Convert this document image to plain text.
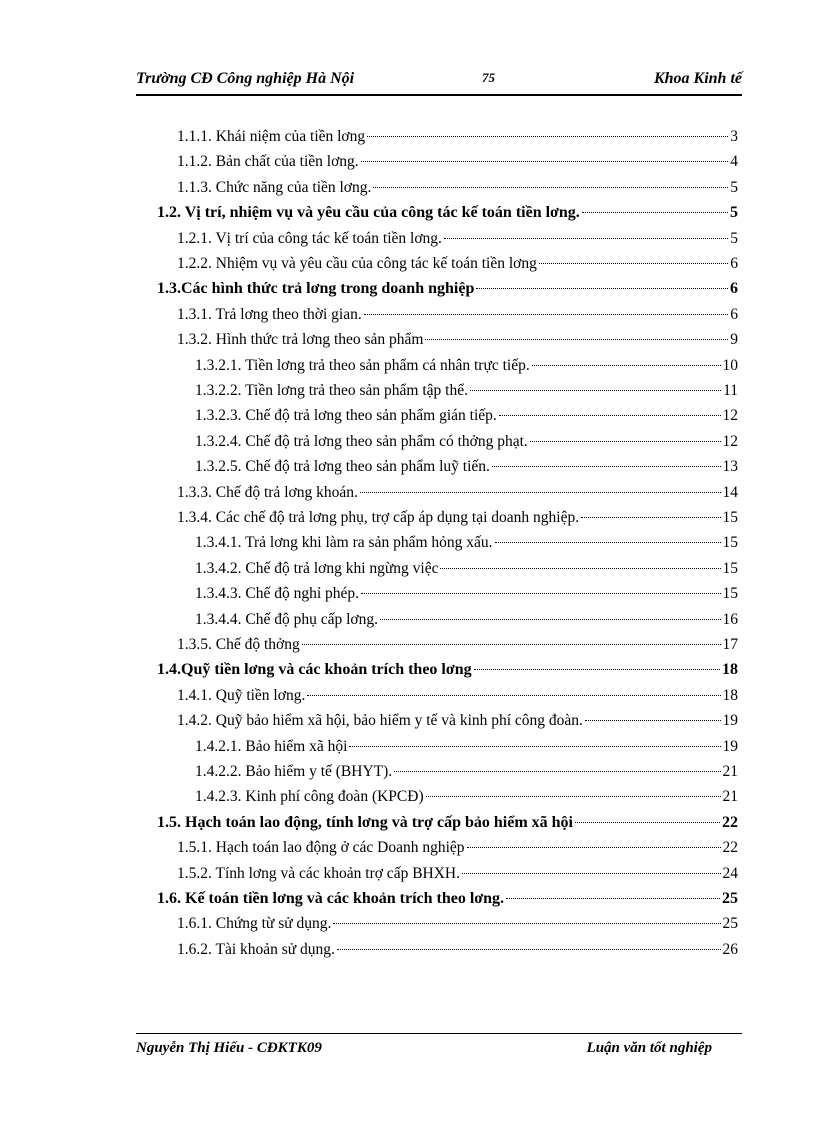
Trường CĐ Công nghiệp Hà Nội	75	Khoa Kinh tế
1.1.1. Khái niệm của tiền lơng	3
1.1.2. Bản chất của tiền lơng.	4
1.1.3. Chức năng của tiền lơng.	5
1.2. Vị trí, nhiệm vụ và yêu cầu của công tác kế toán tiền lơng.	5
1.2.1. Vị trí của công tác kế toán tiền lơng.	5
1.2.2. Nhiệm vụ và yêu cầu của công tác kế toán tiền lơng	6
1.3.Các hình thức trả lơng trong doanh nghiệp	6
1.3.1. Trả lơng theo thời gian.	6
1.3.2. Hình thức trả lơng theo sản phẩm	9
1.3.2.1. Tiền lơng trả theo sản phẩm cá nhân trực tiếp.	10
1.3.2.2. Tiền lơng trả theo sản phẩm tập thể.	11
1.3.2.3. Chế độ trả lơng theo sản phẩm gián tiếp.	12
1.3.2.4. Chế độ trả lơng theo sản phẩm có thởng phạt.	12
1.3.2.5. Chế độ trả lơng theo sản phẩm luỹ tiến.	13
1.3.3. Chế độ trả lơng khoán.	14
1.3.4. Các chế độ trả lơng phụ, trợ cấp áp dụng tại doanh nghiệp.	15
1.3.4.1. Trả lơng khi làm ra sản phẩm hỏng xấu.	15
1.3.4.2. Chế độ trả lơng khi ngừng việc	15
1.3.4.3. Chế độ nghỉ phép.	15
1.3.4.4. Chế độ phụ cấp lơng.	16
1.3.5. Chế độ thởng	17
1.4.Quỹ tiền lơng và các khoản trích theo lơng	18
1.4.1. Quỹ tiền lơng.	18
1.4.2. Quỹ bảo hiểm xã hội, bảo hiểm y tế và kinh phí công đoàn.	19
1.4.2.1. Bảo hiểm xã hội	19
1.4.2.2. Bảo hiểm y tế (BHYT).	21
1.4.2.3. Kinh phí công đoàn (KPCĐ)	21
1.5. Hạch toán lao động, tính lơng và trợ cấp bảo hiểm xã hội	22
1.5.1. Hạch toán lao động ở các Doanh nghiệp	22
1.5.2. Tính lơng và các khoản trợ cấp BHXH.	24
1.6. Kế toán tiền lơng và các khoản trích theo lơng.	25
1.6.1. Chứng từ sử dụng.	25
1.6.2. Tài khoản sử dụng.	26
Nguyễn Thị Hiếu - CĐKTK09	Luận văn tốt nghiệp
